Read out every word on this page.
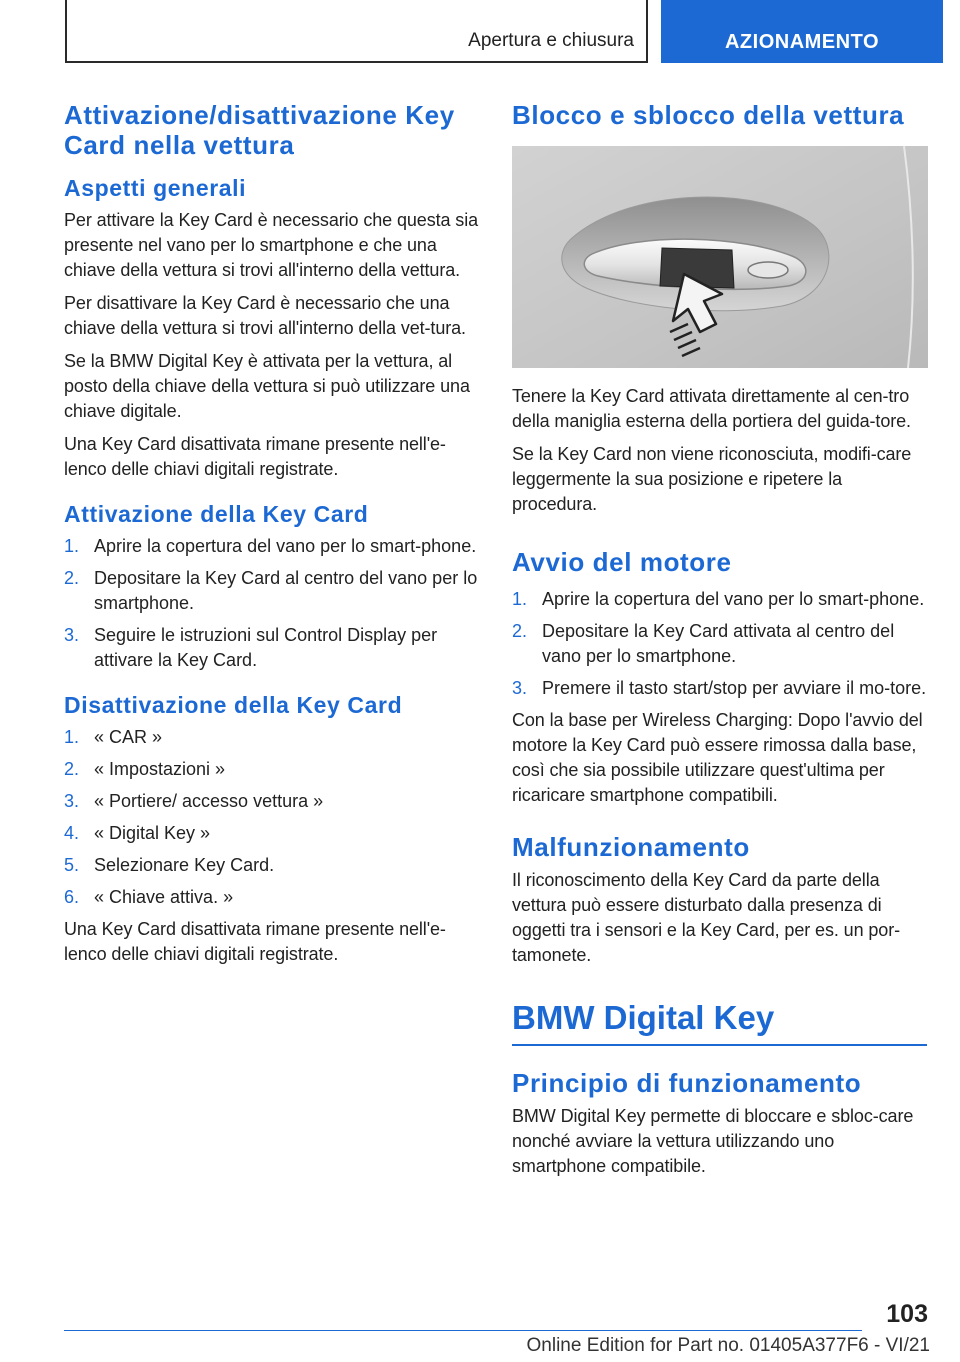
Apertura e chiusura	AZIONAMENTO
Attivazione/disattivazione Key Card nella vettura
Aspetti generali

Per attivare la Key Card è necessario che questa sia presente nel vano per lo smartphone e che una chiave della vettura si trovi all'interno della vettura.

Per disattivare la Key Card è necessario che una chiave della vettura si trovi all'interno della vet-tura.

Se la BMW Digital Key è attivata per la vettura, al posto della chiave della vettura si può utilizzare una chiave digitale.

Una Key Card disattivata rimane presente nell'e-lenco delle chiavi digitali registrate.

Attivazione della Key Card
1. Aprire la copertura del vano per lo smart-phone.
2. Depositare la Key Card al centro del vano per lo smartphone.
3. Seguire le istruzioni sul Control Display per attivare la Key Card.
Disattivazione della Key Card
1. « CAR »
2. « Impostazioni »
3. « Portiere/ accesso vettura »
4. « Digital Key »
5. Selezionare Key Card.
6. « Chiave attiva. »

Una Key Card disattivata rimane presente nell'e-lenco delle chiavi digitali registrate.

Blocco e sblocco della vettura

Tenere la Key Card attivata direttamente al cen-tro della maniglia esterna della portiera del guida-tore.

Se la Key Card non viene riconosciuta, modifi-care leggermente la sua posizione e ripetere la procedura.

Avvio del motore
1. Aprire la copertura del vano per lo smart-phone.
2. Depositare la Key Card attivata al centro del vano per lo smartphone.
3. Premere il tasto start/stop per avviare il mo-tore.

Con la base per Wireless Charging: Dopo l'avvio del motore la Key Card può essere rimossa dalla base, così che sia possibile utilizzare quest'ultima per ricaricare smartphone compatibili.

Malfunzionamento

Il riconoscimento della Key Card da parte della vettura può essere disturbato dalla presenza di oggetti tra i sensori e la Key Card, per es. un por-tamonete.

BMW Digital Key
Principio di funzionamento

BMW Digital Key permette di bloccare e sbloc-care nonché avviare la vettura utilizzando uno smartphone compatibile.

103
Online Edition for Part no. 01405A377F6 - VI/21
